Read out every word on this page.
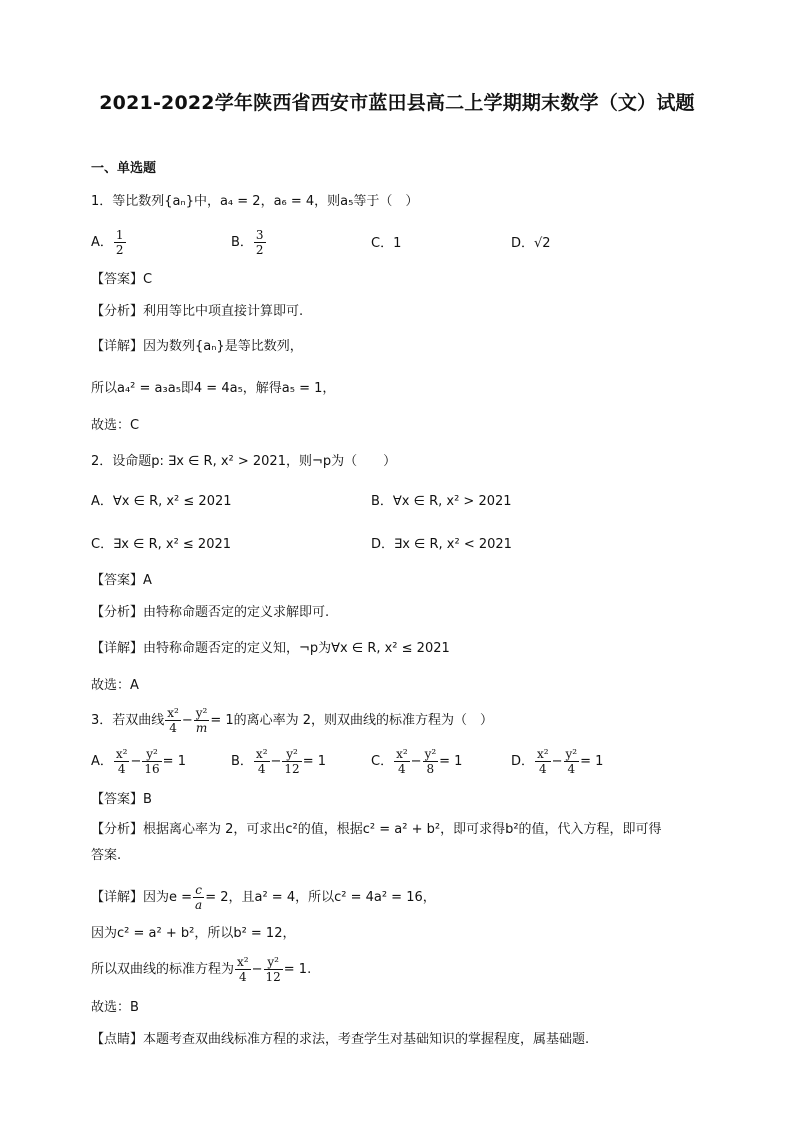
2021-2022学年陕西省西安市蓝田县高二上学期期末数学（文）试题
一、单选题
1．等比数列{aₙ}中，a₄ = 2，a₆ = 4，则a₅等于（　）
A． $\frac{1}{2}$	B． $\frac{3}{2}$	C．1	D．√2
【答案】C
【分析】利用等比中项直接计算即可.
【详解】因为数列{aₙ}是等比数列，
所以a₄² = a₃a₅即4 = 4a₅，解得a₅ = 1，
故选：C
2．设命题p: ∃x ∈ R, x² > 2021，则¬p为（　　）
A．∀x ∈ R, x² ≤ 2021	B．∀x ∈ R, x² > 2021
C．∃x ∈ R, x² ≤ 2021	D．∃x ∈ R, x² < 2021
【答案】A
【分析】由特称命题否定的定义求解即可.
【详解】由特称命题否定的定义知，¬p为∀x ∈ R, x² ≤ 2021
故选：A
3．若双曲线 $\frac{\text{x²}}{4} - \frac{\text{y²}}{m} = 1$的离心率为 2，则双曲线的标准方程为（　）
A． $\frac{\text{x²}}{4} - \frac{\text{y²}}{16} = 1$	B． $\frac{\text{x²}}{4} - \frac{\text{y²}}{12} = 1$	C． $\frac{\text{x²}}{4} - \frac{\text{y²}}{8} = 1$	D． $\frac{\text{x²}}{4} - \frac{\text{y²}}{4} = 1$
【答案】B
【分析】根据离心率为 2，可求出c²的值，根据c² = a² + b²，即可求得b²的值，代入方程，即可得
答案.
【详解】因为$e = \frac{c}{a} = 2$，且a² = 4，所以c² = 4a² = 16，
因为c² = a² + b²，所以b² = 12，
所以双曲线的标准方程为 $\frac{\text{x²}}{4} - \frac{\text{y²}}{12} = 1$.
故选：B
【点睛】本题考查双曲线标准方程的求法，考查学生对基础知识的掌握程度，属基础题.
